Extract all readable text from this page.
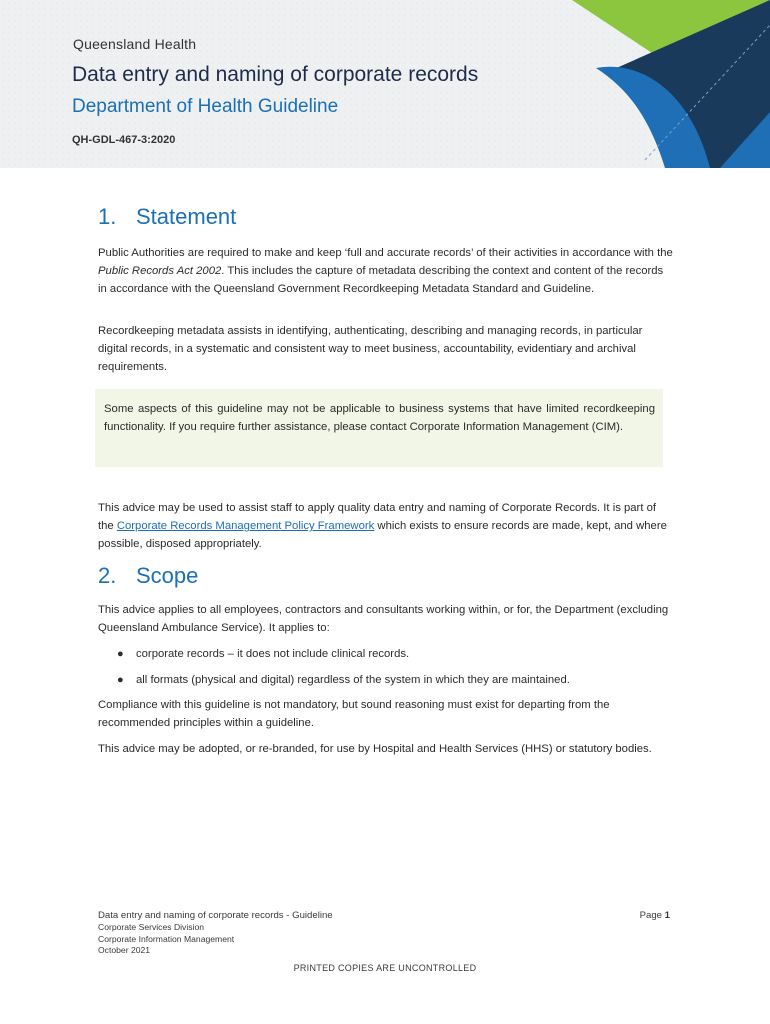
Queensland Health
Data entry and naming of corporate records
Department of Health Guideline
QH-GDL-467-3:2020
1. Statement

Public Authorities are required to make and keep ‘full and accurate records’ of their activities in accordance with the Public Records Act 2002. This includes the capture of metadata describing the context and content of the records in accordance with the Queensland Government Recordkeeping Metadata Standard and Guideline.

Recordkeeping metadata assists in identifying, authenticating, describing and managing records, in particular digital records, in a systematic and consistent way to meet business, accountability, evidentiary and archival requirements.

Some aspects of this guideline may not be applicable to business systems that have limited recordkeeping functionality. If you require further assistance, please contact Corporate Information Management (CIM).

This advice may be used to assist staff to apply quality data entry and naming of Corporate Records. It is part of the Corporate Records Management Policy Framework which exists to ensure records are made, kept, and where possible, disposed appropriately.

2. Scope

This advice applies to all employees, contractors and consultants working within, or for, the Department (excluding Queensland Ambulance Service). It applies to:

● corporate records – it does not include clinical records.
● all formats (physical and digital) regardless of the system in which they are maintained.

Compliance with this guideline is not mandatory, but sound reasoning must exist for departing from the recommended principles within a guideline.

This advice may be adopted, or re-branded, for use by Hospital and Health Services (HHS) or statutory bodies.

Data entry and naming of corporate records - Guideline
Corporate Services Division
Corporate Information Management
October 2021
Page 1
PRINTED COPIES ARE UNCONTROLLED
